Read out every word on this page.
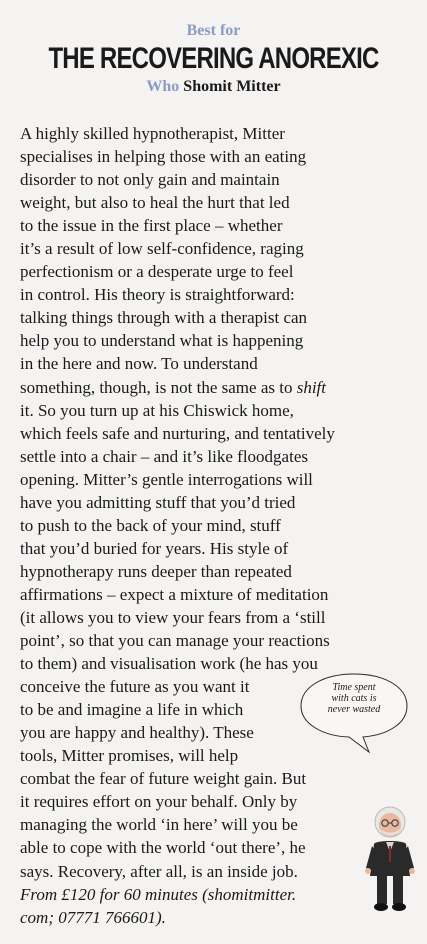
Best for
THE RECOVERING ANOREXIC
Who Shomit Mitter
A highly skilled hypnotherapist, Mitter
specialises in helping those with an eating
disorder to not only gain and maintain
weight, but also to heal the hurt that led
to the issue in the first place – whether
it’s a result of low self-confidence, raging
perfectionism or a desperate urge to feel
in control. His theory is straightforward:
talking things through with a therapist can
help you to understand what is happening
in the here and now. To understand
something, though, is not the same as to shift
it. So you turn up at his Chiswick home,
which feels safe and nurturing, and tentatively
settle into a chair – and it’s like floodgates
opening. Mitter’s gentle interrogations will
have you admitting stuff that you’d tried
to push to the back of your mind, stuff
that you’d buried for years. His style of
hypnotherapy runs deeper than repeated
affirmations – expect a mixture of meditation
(it allows you to view your fears from a ‘still
point’, so that you can manage your reactions
to them) and visualisation work (he has you
conceive the future as you want it
to be and imagine a life in which
you are happy and healthy). These
tools, Mitter promises, will help
combat the fear of future weight gain. But
it requires effort on your behalf. Only by
managing the world ‘in here’ will you be
able to cope with the world ‘out there’, he
says. Recovery, after all, is an inside job.
From £120 for 60 minutes (shomitmitter.
com; 07771 766601).
Time spent
with cats is
never wasted
